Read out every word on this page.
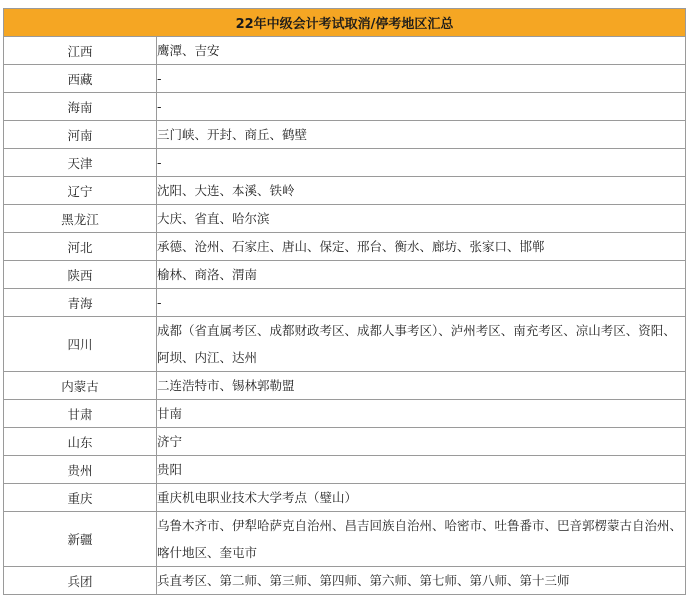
22年中级会计考试取消/停考地区汇总	
江西	鹰潭、吉安
西藏	-
海南	-
河南	三门峡、开封、商丘、鹤壁
天津	-
辽宁	沈阳、大连、本溪、铁岭
黑龙江	大庆、省直、哈尔滨
河北	承德、沧州、石家庄、唐山、保定、邢台、衡水、廊坊、张家口、邯郸
陕西	榆林、商洛、渭南
青海	-
四川	成都（省直属考区、成都财政考区、成都人事考区）、泸州考区、南充考区、凉山考区、资阳、阿坝、内江、达州
内蒙古	二连浩特市、锡林郭勒盟
甘肃	甘南
山东	济宁
贵州	贵阳
重庆	重庆机电职业技术大学考点（璧山）
新疆	乌鲁木齐市、伊犁哈萨克自治州、昌吉回族自治州、哈密市、吐鲁番市、巴音郭楞蒙古自治州、喀什地区、奎屯市
兵团	兵直考区、第二师、第三师、第四师、第六师、第七师、第八师、第十三师
